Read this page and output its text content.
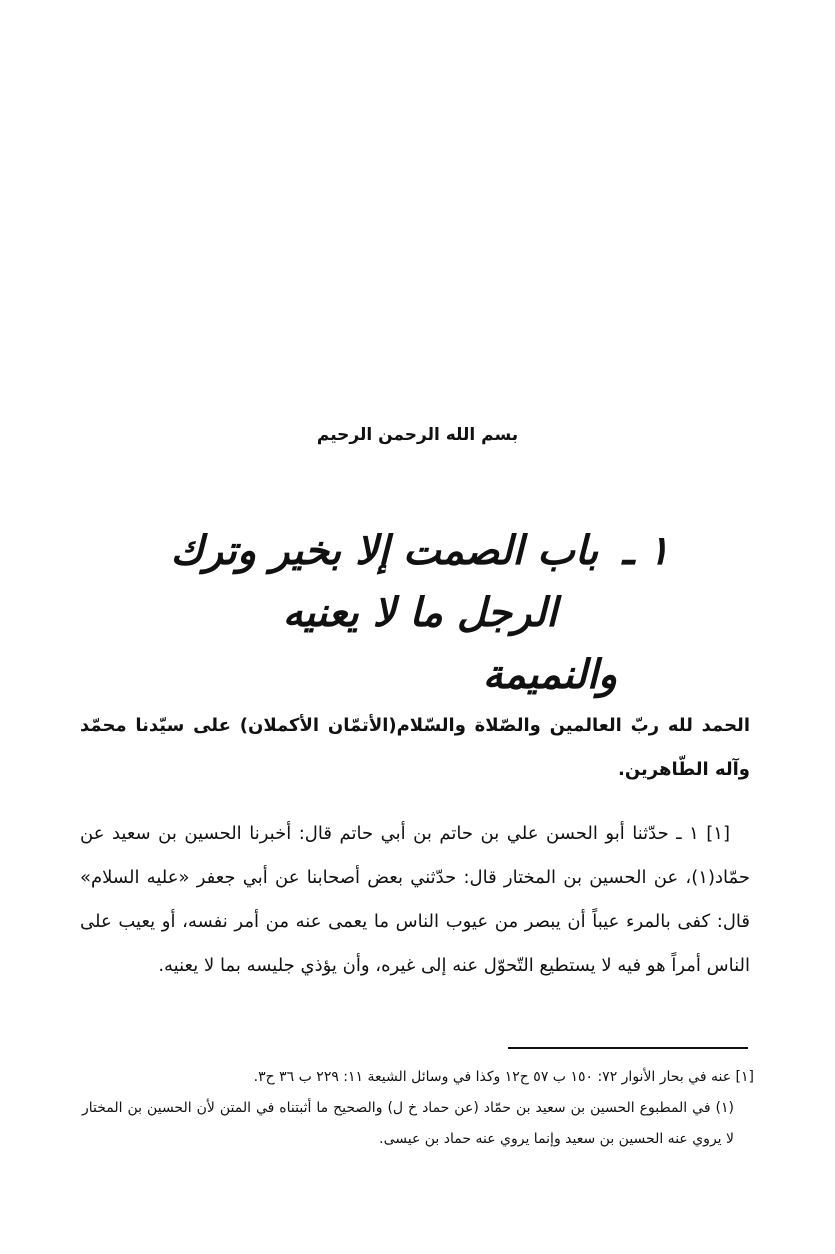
بسم الله الرحمن الرحيم
١ ـ باب الصمت إلا بخير وترك الرجل ما لا يعنيه
والنميمة

الحمد لله ربّ العالمين والصّلاة والسّلام(الأتمّان الأكملان) على سيّدنا محمّد وآله الطّاهرين.

[١] ١ ـ حدّثنا أبو الحسن علي بن حاتم بن أبي حاتم قال: أخبرنا الحسين بن سعيد عن حمّاد(١)، عن الحسين بن المختار قال: حدّثني بعض أصحابنا عن أبي جعفر «عليه السلام» قال: كفى بالمرء عيباً أن يبصر من عيوب الناس ما يعمى عنه من أمر نفسه، أو يعيب على الناس أمراً هو فيه لا يستطيع التّحوّل عنه إلى غيره، وأن يؤذي جليسه بما لا يعنيه.

[١] عنه في بحار الأنوار ٧٢: ١٥٠ ب ٥٧ ح١٢ وكذا في وسائل الشيعة ١١: ٢٢٩ ب ٣٦ ح٣.

(١) في المطبوع الحسين بن سعيد بن حمّاد (عن حماد خ ل) والصحيح ما أثبتناه في المتن لأن الحسين بن المختار لا يروي عنه الحسين بن سعيد وإنما يروي عنه حماد بن عيسى.
